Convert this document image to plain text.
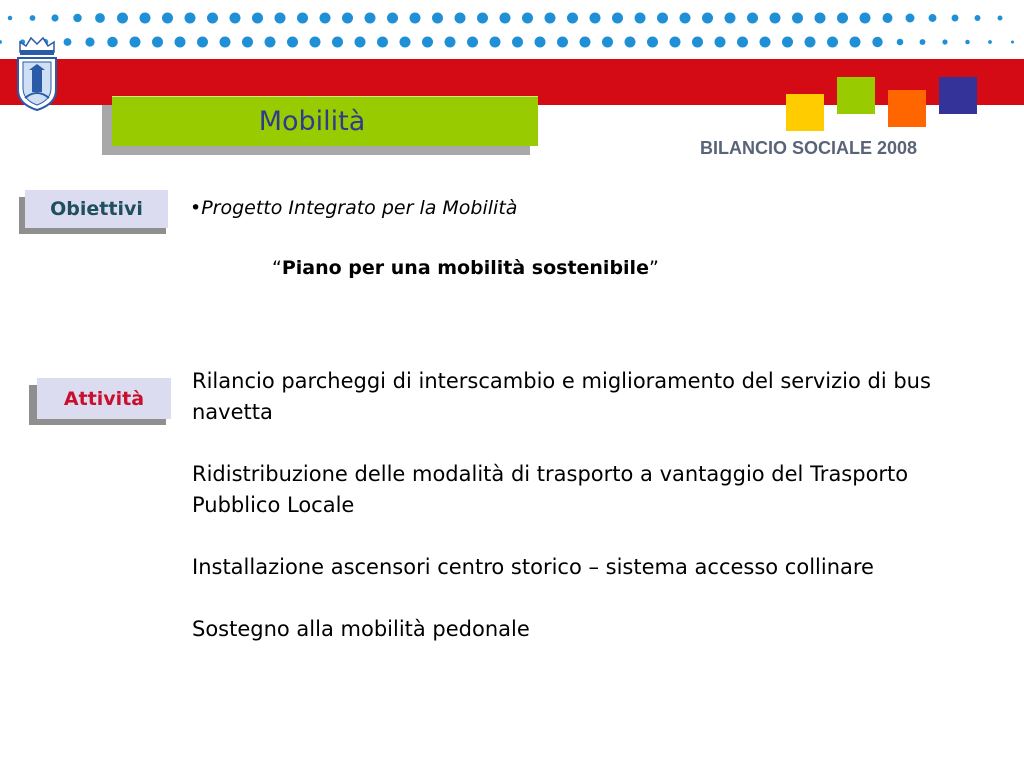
Mobilità
BILANCIO SOCIALE 2008
Obiettivi	•Progetto Integrato per la Mobilità
“Piano per una mobilità sostenibile”
Attività

Rilancio parcheggi di interscambio e miglioramento del servizio di bus navetta

Ridistribuzione delle modalità di trasporto a vantaggio del Trasporto Pubblico Locale

Installazione ascensori centro storico – sistema accesso collinare

Sostegno alla mobilità pedonale
